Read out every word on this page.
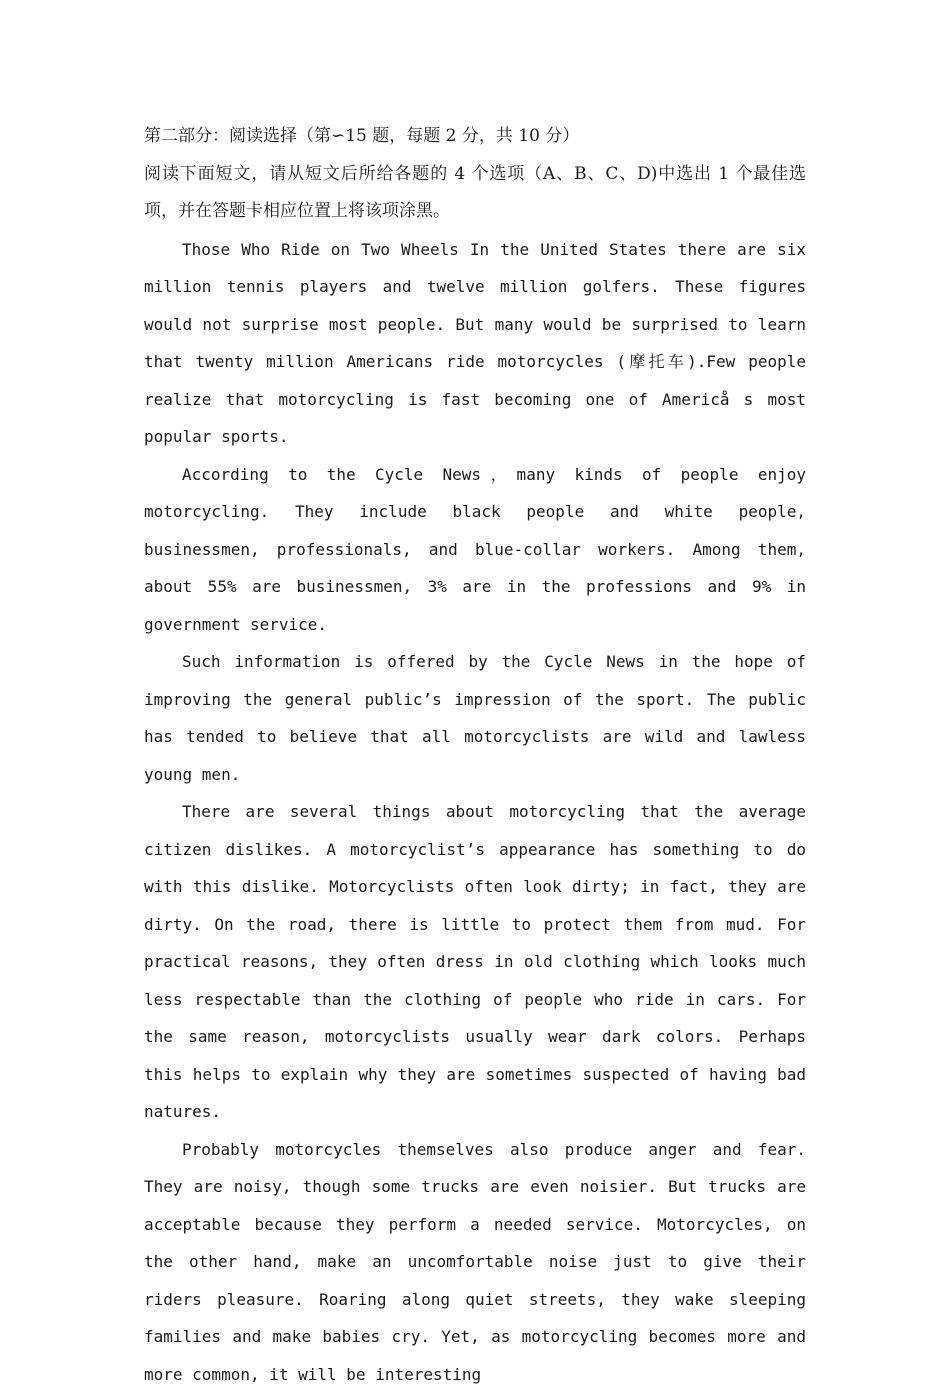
第二部分：阅读选择（第∽15 题，每题 2 分，共 10 分）

阅读下面短文，请从短文后所给各题的 4 个选项（A、B、C、D)中选出 1 个最佳选 项，并在答题卡相应位置上将该项涂黑。

Those Who Ride on Two Wheels In the United States there are six million tennis players and twelve million golfers. These figures would not surprise most people. But many would be surprised to learn that twenty million Americans ride motorcycles (摩托车).Few people realize that motorcycling is fast becoming one of Americå s most popular sports.

According to the Cycle News，many kinds of people enjoy motorcycling. They include black people and white people, businessmen, professionals, and blue-collar workers. Among them, about 55% are businessmen, 3% are in the professions and 9% in government service.

Such information is offered by the Cycle News in the hope of improving the general public’s impression of the sport. The public has tended to believe that all motorcyclists are wild and lawless young men.

There are several things about motorcycling that the average citizen dislikes. A motorcyclist’s appearance has something to do with this dislike. Motorcyclists often look dirty; in fact, they are dirty. On the road, there is little to protect them from mud. For practical reasons, they often dress in old clothing which looks much less respectable than the clothing of people who ride in cars. For the same reason, motorcyclists usually wear dark colors. Perhaps this helps to explain why they are sometimes suspected of having bad natures.

Probably motorcycles themselves also produce anger and fear. They are noisy, though some trucks are even noisier. But trucks are acceptable because they perform a needed service. Motorcycles, on the other hand, make an uncomfortable noise just to give their riders pleasure. Roaring along quiet streets, they wake sleeping families and make babies cry. Yet, as motorcycling becomes more and more common, it will be interesting
